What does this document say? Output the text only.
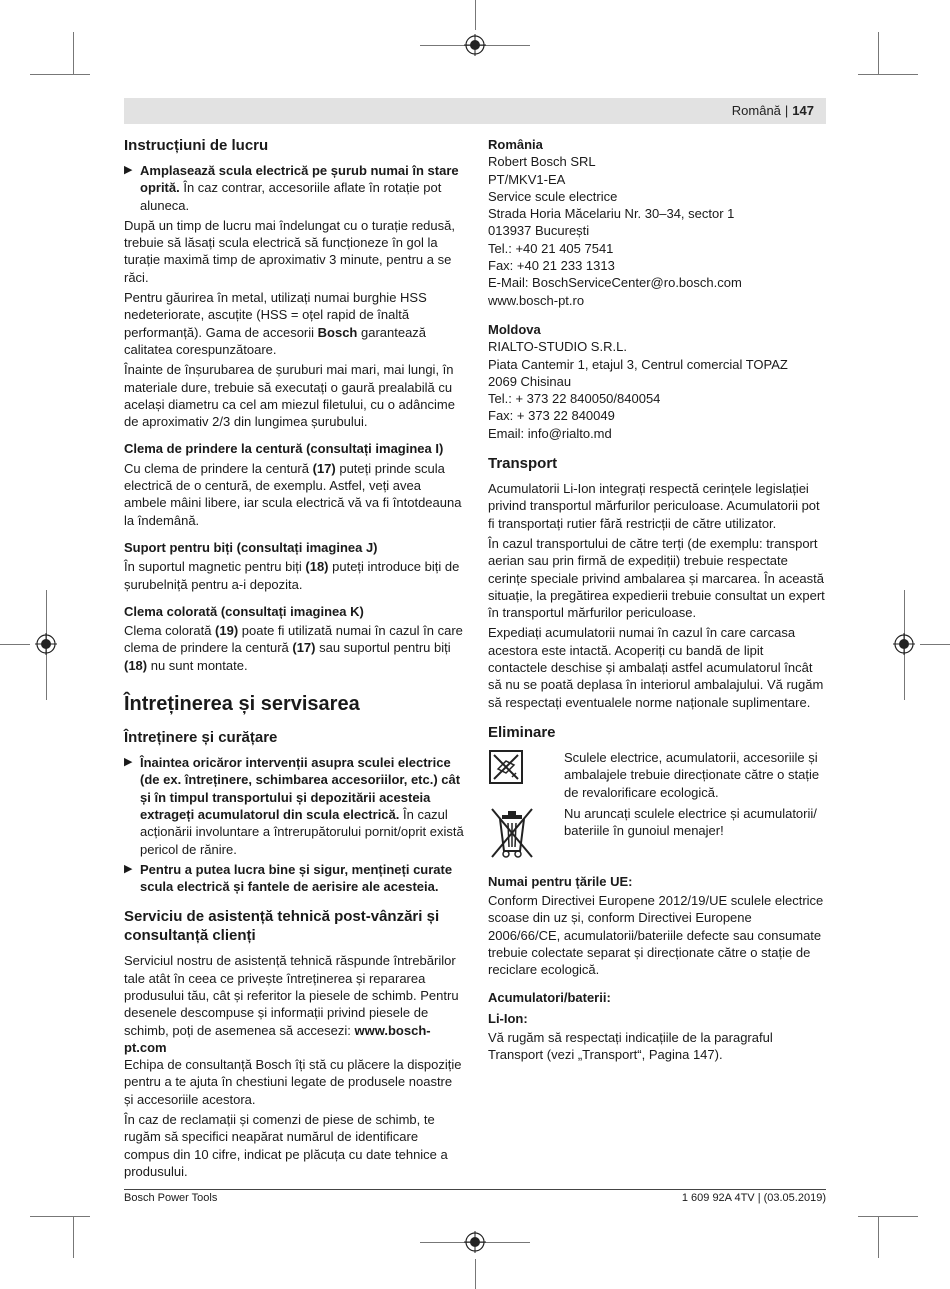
Română | 147
Instrucțiuni de lucru
▶ Amplasează scula electrică pe șurub numai în stare oprită. În caz contrar, accesoriile aflate în rotație pot aluneca.

După un timp de lucru mai îndelungat cu o turație redusă, trebuie să lăsați scula electrică să funcționeze în gol la turație maximă timp de aproximativ 3 minute, pentru a se răci.

Pentru găurirea în metal, utilizați numai burghie HSS nedeteriorate, ascuțite (HSS = oțel rapid de înaltă performanță). Gama de accesorii Bosch garantează calitatea corespunzătoare.

Înainte de înșurubarea de șuruburi mai mari, mai lungi, în materiale dure, trebuie să executați o gaură prealabilă cu același diametru ca cel am miezul filetului, cu o adâncime de aproximativ 2/3 din lungimea șurubului.

Clema de prindere la centură (consultați imaginea I)

Cu clema de prindere la centură (17) puteți prinde scula electrică de o centură, de exemplu. Astfel, veți avea ambele mâini libere, iar scula electrică vă va fi întotdeauna la îndemână.

Suport pentru biți (consultați imaginea J)

În suportul magnetic pentru biți (18) puteți introduce biți de șurubelniță pentru a-i depozita.

Clema colorată (consultați imaginea K)

Clema colorată (19) poate fi utilizată numai în cazul în care clema de prindere la centură (17) sau suportul pentru biți (18) nu sunt montate.

Întreținerea și servisarea
Întreținere și curățare
▶ Înaintea oricăror intervenții asupra sculei electrice (de ex. întreținere, schimbarea accesoriilor, etc.) cât și în timpul transportului și depozitării acesteia extrageți acumulatorul din scula electrică. În cazul acționării involuntare a întrerupătorului pornit/oprit există pericol de rănire.
▶ Pentru a putea lucra bine și sigur, mențineți curate scula electrică și fantele de aerisire ale acesteia.
Serviciu de asistență tehnică post-vânzări și consultanță clienți

Serviciul nostru de asistență tehnică răspunde întrebărilor tale atât în ceea ce privește întreținerea și repararea produsului tău, cât și referitor la piesele de schimb. Pentru desenele descompuse și informații privind piesele de schimb, poți de asemenea să accesezi: www.bosch-pt.com
Echipa de consultanță Bosch îți stă cu plăcere la dispoziție pentru a te ajuta în chestiuni legate de produsele noastre și accesoriile acestora.

În caz de reclamații și comenzi de piese de schimb, te rugăm să specifici neapărat numărul de identificare compus din 10 cifre, indicat pe plăcuța cu date tehnice a produsului.

România
Robert Bosch SRL
PT/MKV1-EA
Service scule electrice
Strada Horia Măcelariu Nr. 30–34, sector 1
013937 București
Tel.: +40 21 405 7541
Fax: +40 21 233 1313
E-Mail: BoschServiceCenter@ro.bosch.com
www.bosch-pt.ro
Moldova
RIALTO-STUDIO S.R.L.
Piata Cantemir 1, etajul 3, Centrul comercial TOPAZ
2069 Chisinau
Tel.: + 373 22 840050/840054
Fax: + 373 22 840049
Email: info@rialto.md
Transport

Acumulatorii Li-Ion integrați respectă cerințele legislației privind transportul mărfurilor periculoase. Acumulatorii pot fi transportați rutier fără restricții de către utilizator.

În cazul transportului de către terți (de exemplu: transport aerian sau prin firmă de expediții) trebuie respectate cerințe speciale privind ambalarea și marcarea. În această situație, la pregătirea expedierii trebuie consultat un expert în transportul mărfurilor periculoase.

Expediați acumulatorii numai în cazul în care carcasa acestora este intactă. Acoperiți cu bandă de lipit contactele deschise și ambalați astfel acumulatorul încât să nu se poată deplasa în interiorul ambalajului. Vă rugăm să respectați eventualele norme naționale suplimentare.

Eliminare

Sculele electrice, acumulatorii, accesoriile și ambalajele trebuie direcționate către o stație de revalorificare ecologică.

Nu aruncați sculele electrice și acumulatorii/ bateriile în gunoiul menajer!

Numai pentru țările UE:

Conform Directivei Europene 2012/19/UE sculele electrice scoase din uz și, conform Directivei Europene 2006/66/CE, acumulatorii/bateriile defecte sau consumate trebuie colectate separat și direcționate către o stație de reciclare ecologică.

Acumulatori/baterii:
Li-Ion:

Vă rugăm să respectați indicațiile de la paragraful Transport (vezi „Transport“, Pagina 147).

Bosch Power Tools	1 609 92A 4TV | (03.05.2019)
